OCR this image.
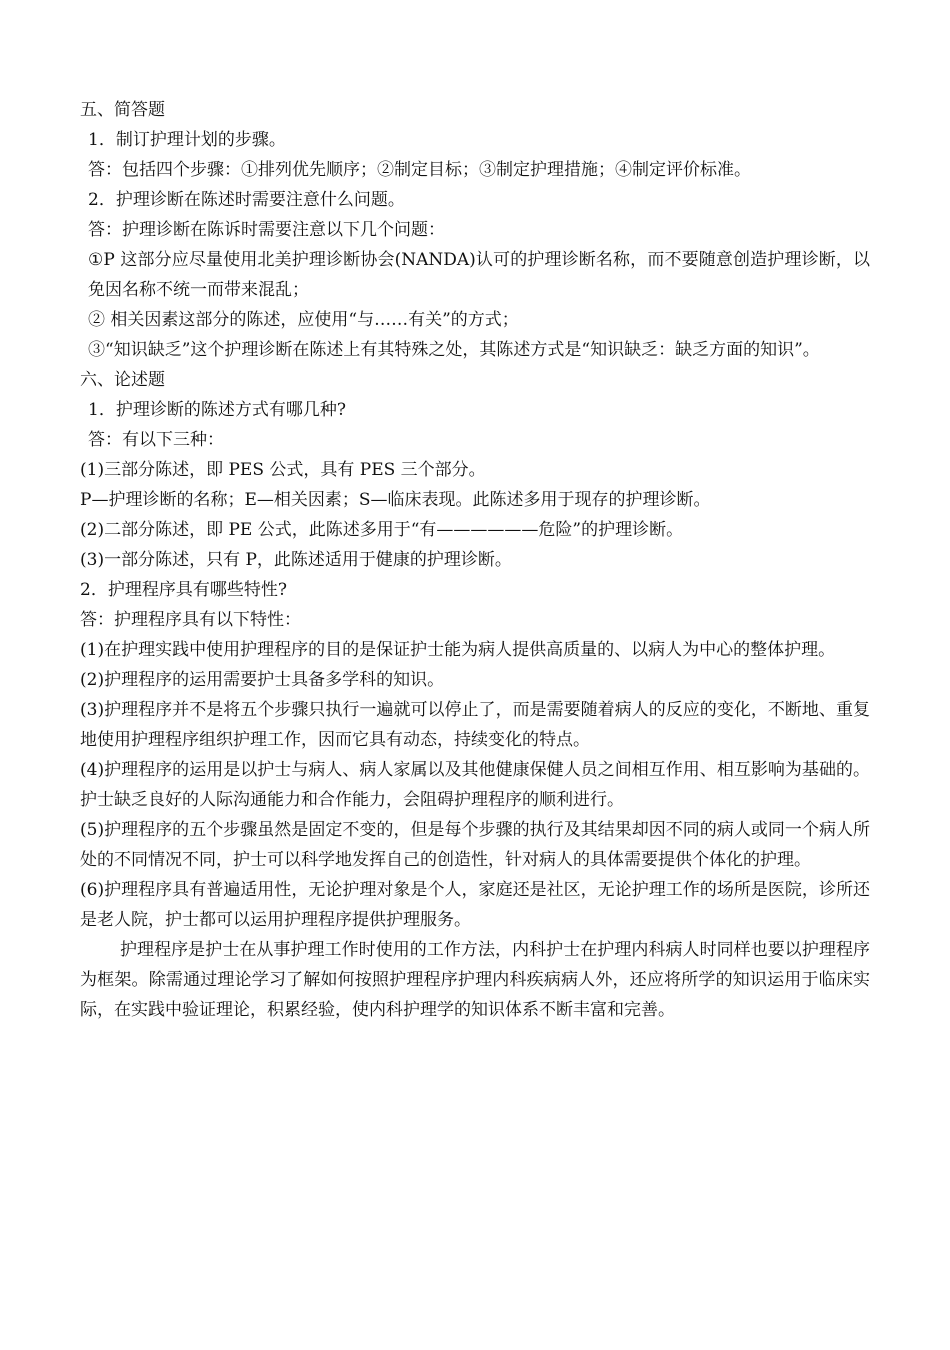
五、简答题

1．制订护理计划的步骤。

答：包括四个步骤：①排列优先顺序；②制定目标；③制定护理措施；④制定评价标准。

2．护理诊断在陈述时需要注意什么问题。

答：护理诊断在陈诉时需要注意以下几个问题：

①P 这部分应尽量使用北美护理诊断协会(NANDA)认可的护理诊断名称，而不要随意创造护理诊断，以免因名称不统一而带来混乱；

② 相关因素这部分的陈述，应使用“与……有关”的方式；

③“知识缺乏”这个护理诊断在陈述上有其特殊之处，其陈述方式是“知识缺乏：缺乏方面的知识”。

六、论述题

1．护理诊断的陈述方式有哪几种?

答：有以下三种：

(1)三部分陈述，即 PES 公式，具有 PES 三个部分。

P—护理诊断的名称；E—相关因素；S—临床表现。此陈述多用于现存的护理诊断。

(2)二部分陈述，即 PE 公式，此陈述多用于“有——————危险”的护理诊断。

(3)一部分陈述，只有 P，此陈述适用于健康的护理诊断。

2．护理程序具有哪些特性?

答：护理程序具有以下特性：

(1)在护理实践中使用护理程序的目的是保证护士能为病人提供高质量的、以病人为中心的整体护理。

(2)护理程序的运用需要护士具备多学科的知识。

(3)护理程序并不是将五个步骤只执行一遍就可以停止了，而是需要随着病人的反应的变化，不断地、重复地使用护理程序组织护理工作，因而它具有动态，持续变化的特点。

(4)护理程序的运用是以护士与病人、病人家属以及其他健康保健人员之间相互作用、相互影响为基础的。护士缺乏良好的人际沟通能力和合作能力，会阻碍护理程序的顺利进行。

(5)护理程序的五个步骤虽然是固定不变的，但是每个步骤的执行及其结果却因不同的病人或同一个病人所处的不同情况不同，护士可以科学地发挥自己的创造性，针对病人的具体需要提供个体化的护理。

(6)护理程序具有普遍适用性，无论护理对象是个人，家庭还是社区，无论护理工作的场所是医院，诊所还是老人院，护士都可以运用护理程序提供护理服务。

护理程序是护士在从事护理工作时使用的工作方法，内科护士在护理内科病人时同样也要以护理程序为框架。除需通过理论学习了解如何按照护理程序护理内科疾病病人外，还应将所学的知识运用于临床实际，在实践中验证理论，积累经验，使内科护理学的知识体系不断丰富和完善。
